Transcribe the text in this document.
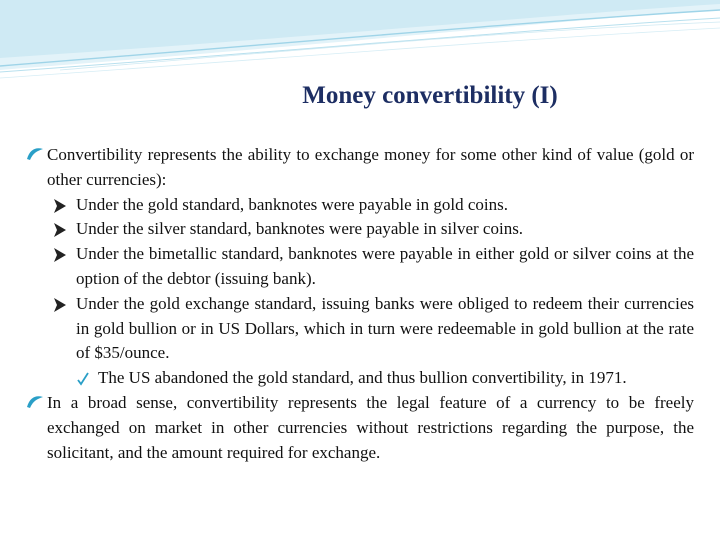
Money convertibility (I)

Convertibility represents the ability to exchange money for some other kind of value (gold or other currencies):

Under the gold standard, banknotes were payable in gold coins.

Under the silver standard, banknotes were payable in silver coins.

Under the bimetallic standard, banknotes were payable in either gold or silver coins at the option of the debtor (issuing bank).

Under the gold exchange standard, issuing banks were obliged to redeem their currencies in gold bullion or in US Dollars, which in turn were redeemable in gold bullion at the rate of $35/ounce.

The US abandoned the gold standard, and thus bullion convertibility, in 1971.

In a broad sense, convertibility represents the legal feature of a currency to be freely exchanged on market in other currencies without restrictions regarding the purpose, the solicitant, and the amount required for exchange.
